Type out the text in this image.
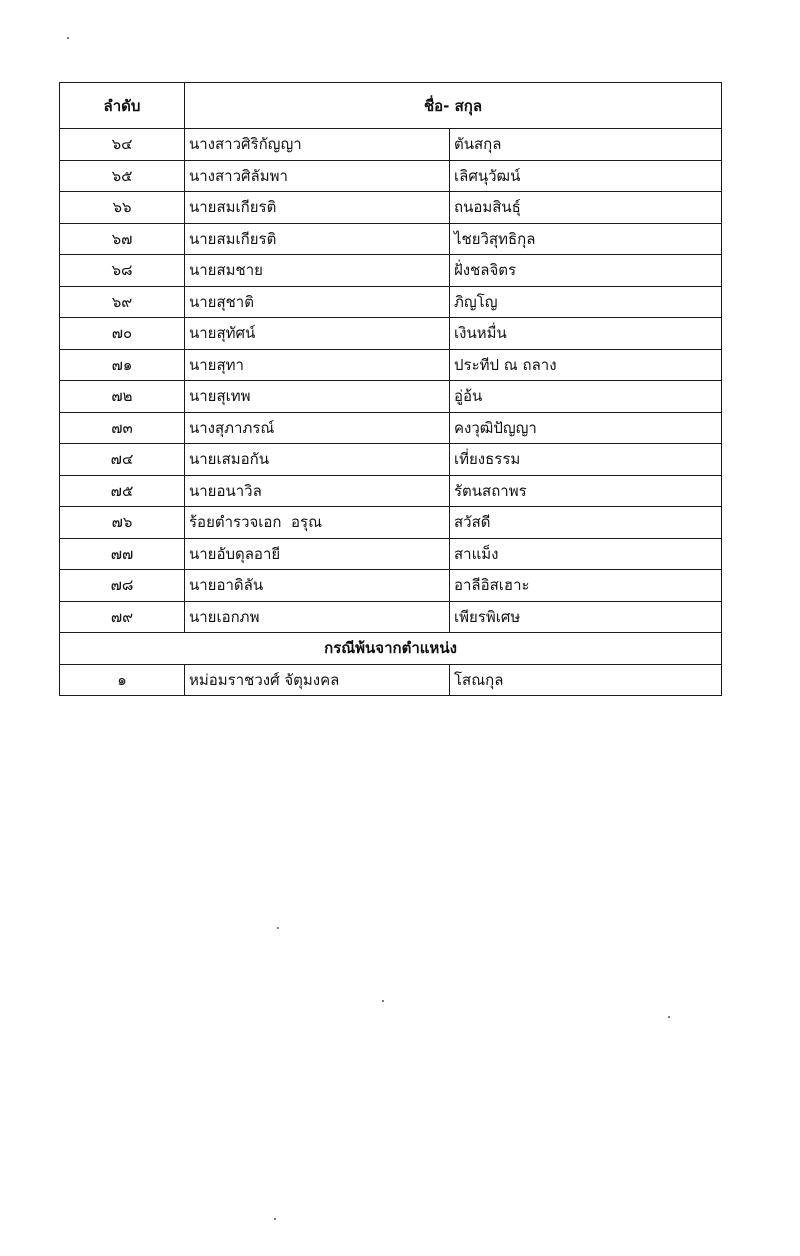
ลำดับ	ชื่อ- สกุล	
๖๔	นางสาวศิริกัญญา	ตันสกุล
๖๕	นางสาวศิลัมพา	เลิศนุวัฒน์
๖๖	นายสมเกียรติ	ถนอมสินธุ์
๖๗	นายสมเกียรติ	ไชยวิสุทธิกุล
๖๘	นายสมชาย	ฝั่งชลจิตร
๖๙	นายสุชาติ	ภิญโญ
๗๐	นายสุทัศน์	เงินหมื่น
๗๑	นายสุทา	ประทีป ณ ถลาง
๗๒	นายสุเทพ	อู่อ้น
๗๓	นางสุภาภรณ์	คงวุฒิปัญญา
๗๔	นายเสมอกัน	เที่ยงธรรม
๗๕	นายอนาวิล	รัตนสถาพร
๗๖	ร้อยตำรวจเอก  อรุณ	สวัสดี
๗๗	นายอับดุลอายี	สาแม็ง
๗๘	นายอาดิลัน	อาลีอิสเฮาะ
๗๙	นายเอกภพ	เพียรพิเศษ
กรณีพ้นจากตำแหน่ง		
๑	หม่อมราชวงศ์ จัตุมงคล	โสณกุล
